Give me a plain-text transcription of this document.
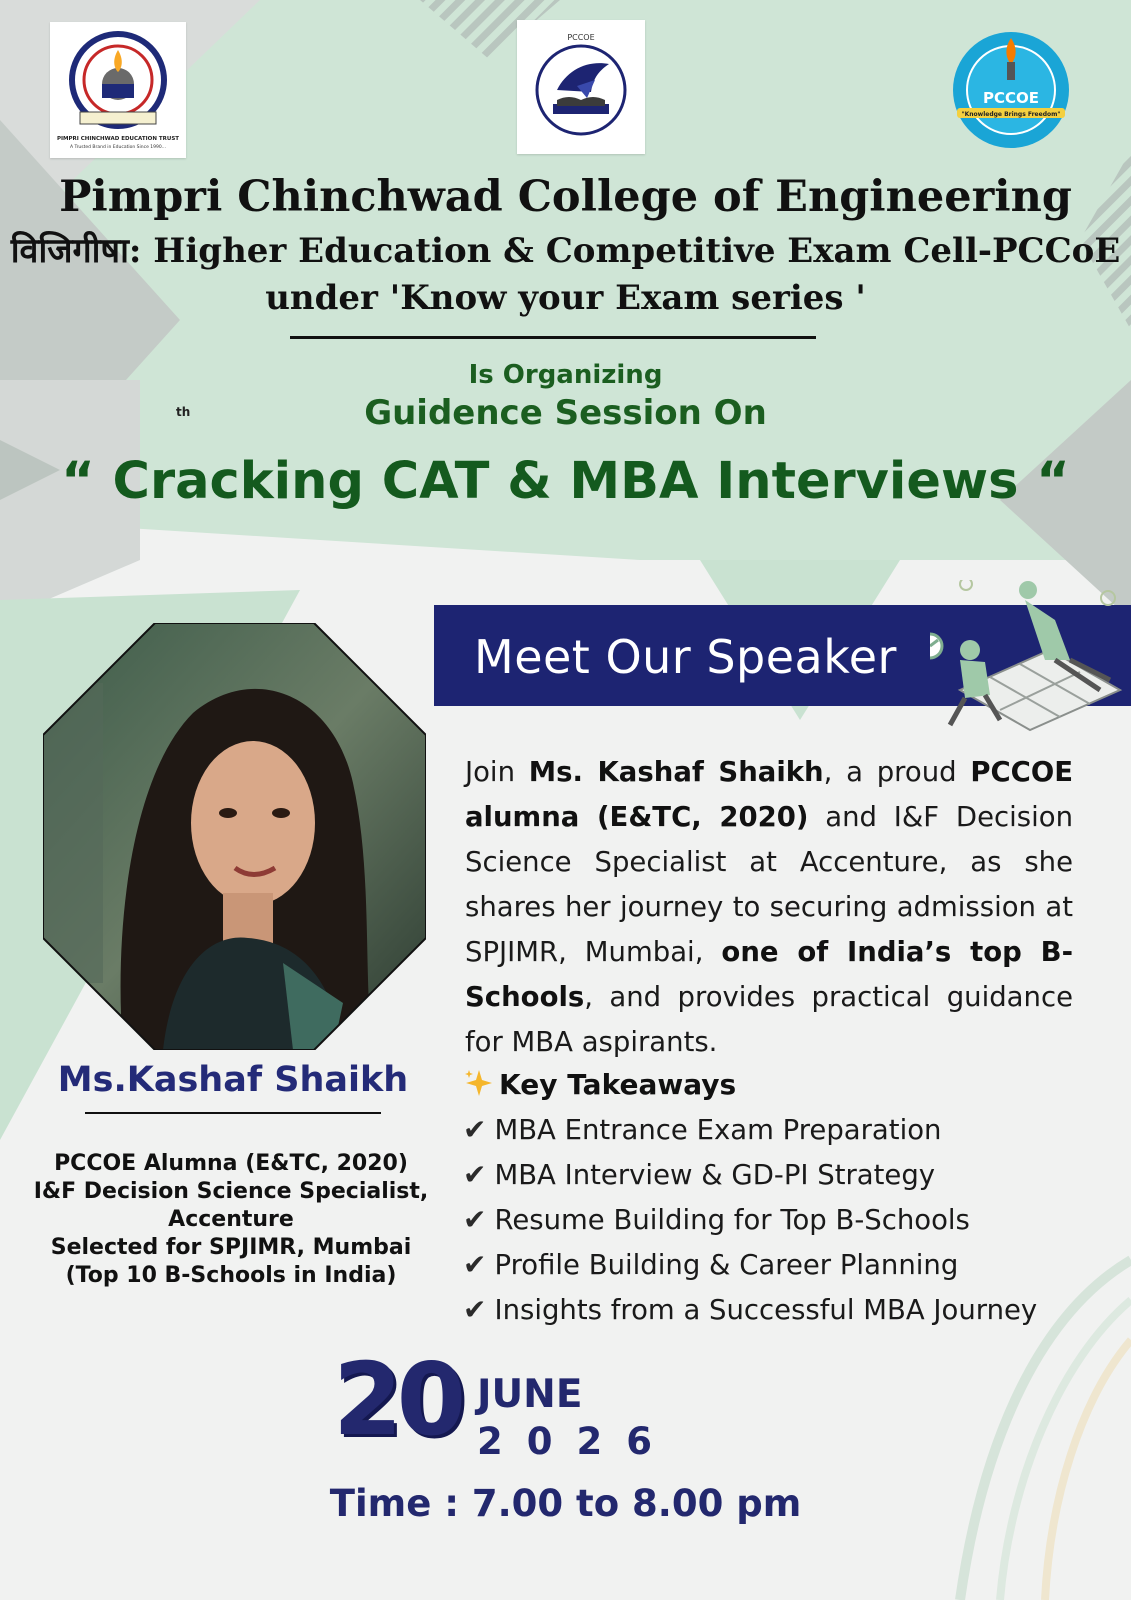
PIMPRI CHINCHWAD EDUCATION TRUST
A Trusted Brand in Education Since 1990...
PCCOE
PCCOE
"Knowledge Brings Freedom"
Pimpri Chinchwad College of Engineering
विजिगीषा: Higher Education & Competitive Exam Cell-PCCoE
under 'Know your Exam series '
Is Organizing
Guidence Session On
th
“ Cracking CAT & MBA Interviews “
Meet Our Speaker
Ms.Kashaf Shaikh
PCCOE Alumna (E&TC, 2020)
I&F Decision Science Specialist,
Accenture
Selected for SPJIMR, Mumbai
(Top 10 B-Schools in India)
Join Ms. Kashaf Shaikh, a proud PCCOE alumna (E&TC, 2020) and I&F Decision Science Specialist at Accenture, as she shares her journey to securing admission at SPJIMR, Mumbai, one of India’s top B-Schools, and provides practical guidance for MBA aspirants.
Key Takeaways
✔ MBA Entrance Exam Preparation
✔ MBA Interview & GD-PI Strategy
✔ Resume Building for Top B-Schools
✔ Profile Building & Career Planning
✔ Insights from a Successful MBA Journey
20 JUNE
2026
Time : 7.00 to 8.00 pm
